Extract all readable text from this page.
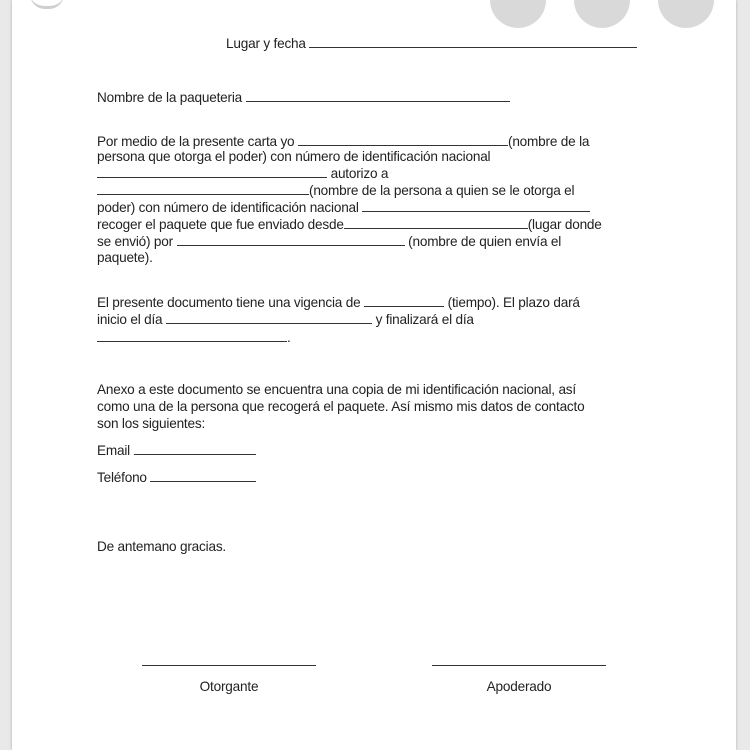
Lugar y fecha
Nombre de la paqueteria
Por medio de la presente carta yo	(nombre de la
persona que otorga el poder) con número de identificación nacional
autorizo a
(nombre de la persona a quien se le otorga el
poder) con número de identificación nacional
recoger el paquete que fue enviado desde	(lugar donde
se envió) por	(nombre de quien envía el
paquete).
El presente documento tiene una vigencia de	(tiempo). El plazo dará
inicio el día	y finalizará el día
.
Anexo a este documento se encuentra una copia de mi identificación nacional, así
como una de la persona que recogerá el paquete. Así mismo mis datos de contacto
son los siguientes:
Email
Teléfono
De antemano gracias.
Otorgante	Apoderado
